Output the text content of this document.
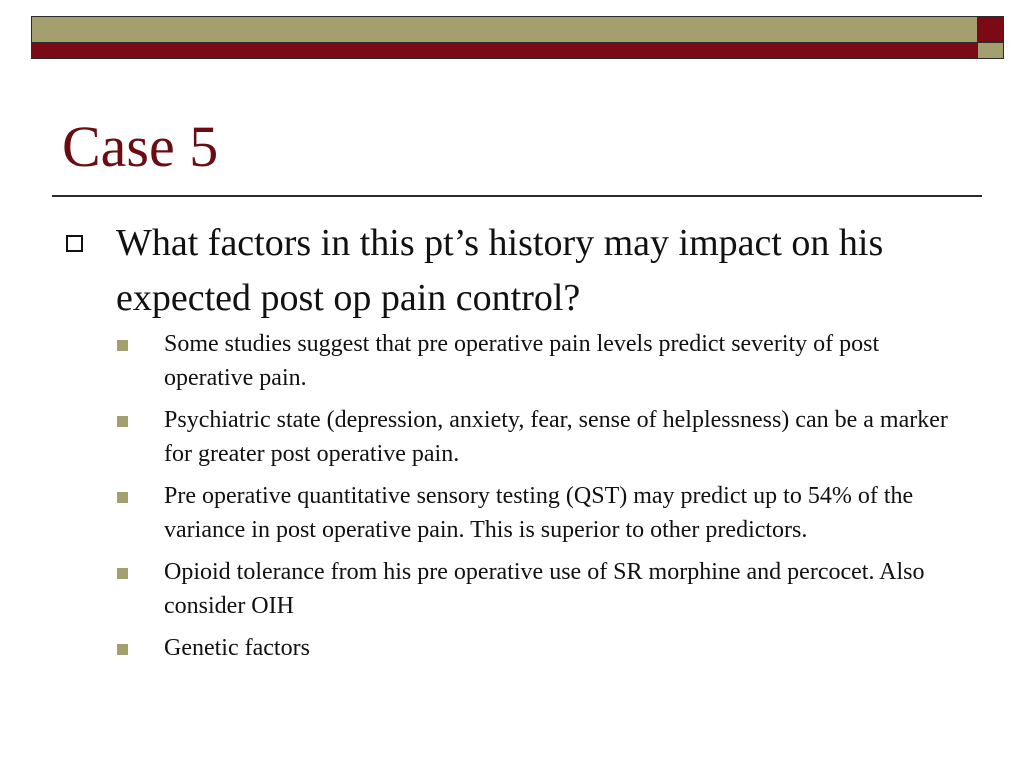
Case 5
What factors in this pt’s history may impact on his expected post op pain control?
Some studies suggest that pre operative pain levels predict severity of post operative pain.
Psychiatric state (depression, anxiety, fear, sense of helplessness) can be a marker for greater post operative pain.
Pre operative quantitative sensory testing (QST) may predict up to 54% of the variance in post operative pain. This is superior to other predictors.
Opioid tolerance from his pre operative use of SR morphine and percocet. Also consider OIH
Genetic factors
